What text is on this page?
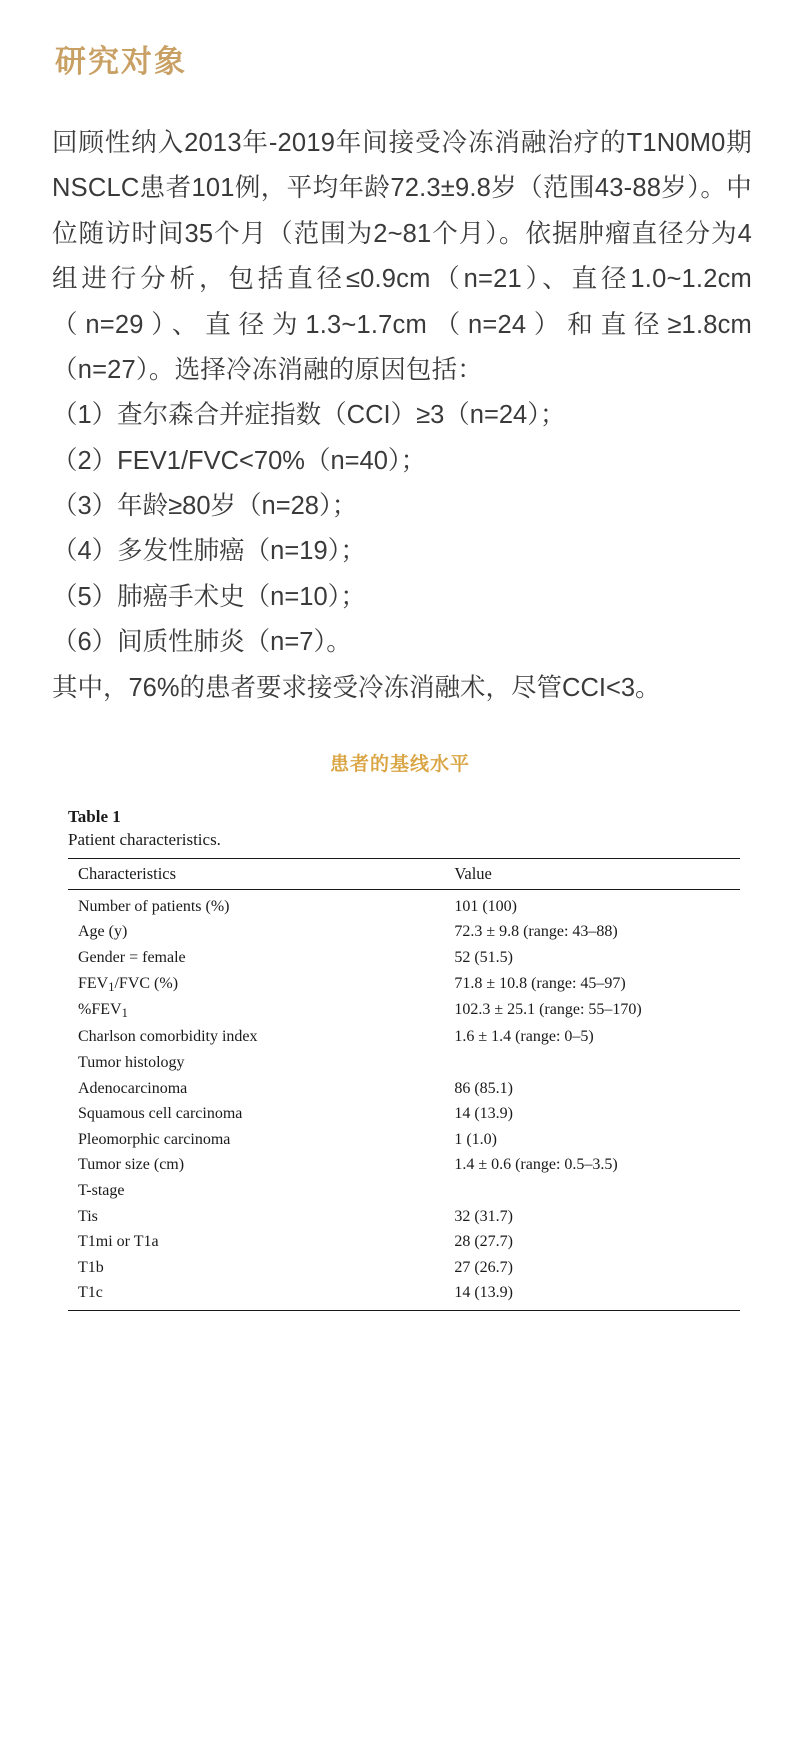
研究对象

回顾性纳入2013年-2019年间接受冷冻消融治疗的T1N0M0期NSCLC患者101例，平均年龄72.3±9.8岁（范围43-88岁）。中位随访时间35个月（范围为2~81个月）。依据肿瘤直径分为4组进行分析，包括直径≤0.9cm（n=21）、直径1.0~1.2cm（n=29）、直径为1.3~1.7cm（n=24）和直径≥1.8cm（n=27）。选择冷冻消融的原因包括：

（1）查尔森合并症指数（CCI）≥3（n=24）；

（2）FEV1/FVC<70%（n=40）；

（3）年龄≥80岁（n=28）；

（4）多发性肺癌（n=19）；

（5）肺癌手术史（n=10）；

（6）间质性肺炎（n=7）。

其中，76%的患者要求接受冷冻消融术，尽管CCI<3。

患者的基线水平

Table 1

Patient characteristics.

Characteristics	Value
Number of patients (%)	101 (100)
Age (y)	72.3 ± 9.8 (range: 43–88)
Gender = female	52 (51.5)
$FEV_1$/FVC (%)	71.8 ± 10.8 (range: 45–97)
$\%FEV_1$	102.3 ± 25.1 (range: 55–170)
Charlson comorbidity index	1.6 ± 1.4 (range: 0–5)
Tumor histology	
Adenocarcinoma	86 (85.1)
Squamous cell carcinoma	14 (13.9)
Pleomorphic carcinoma	1 (1.0)
Tumor size (cm)	1.4 ± 0.6 (range: 0.5–3.5)
T-stage	
Tis	32 (31.7)
T1mi or T1a	28 (27.7)
T1b	27 (26.7)
T1c	14 (13.9)
